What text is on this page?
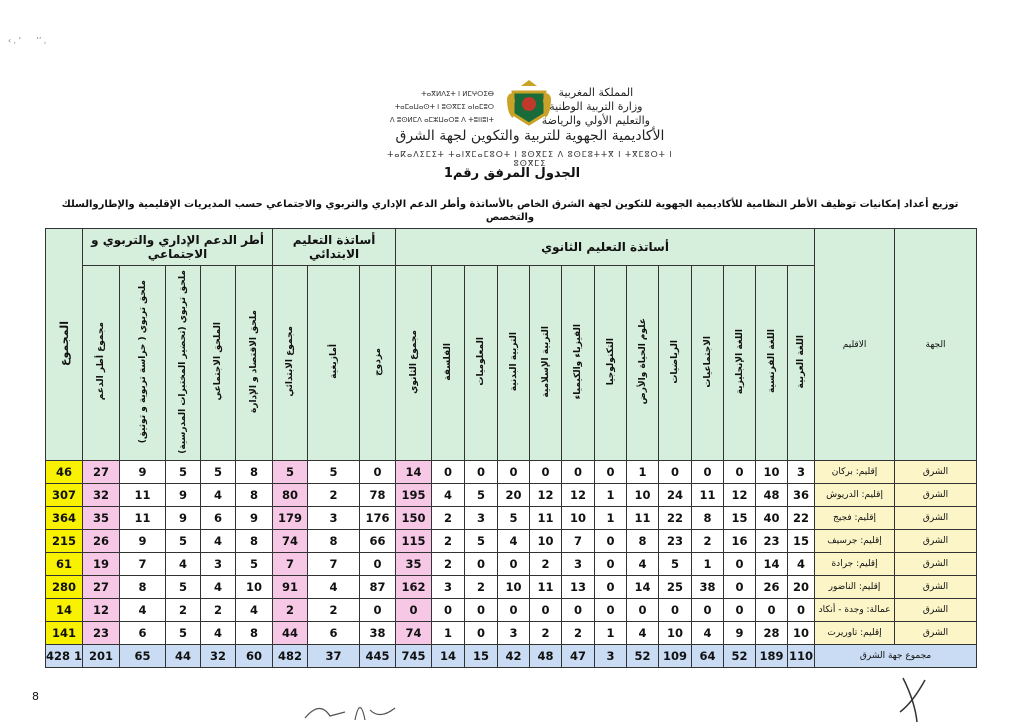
‹ ˌ ʼ      ʼʼ ˌ
ⵜⴰⴳⵍⴷⵉⵜ ⵏ ⵍⵎⵖⵔⵉⴱ
ⵜⴰⵎⴰⵡⴰⵙⵜ ⵏ ⵓⵙⴳⵎⵉ ⴰⵏⴰⵎⵓⵔ
ⴷ ⵓⵙⵍⵎⴷ ⴰⵎⵣⵡⴰⵔⵓ ⴷ ⵜⵓⵏⵏⵓⵏⵜ
المملكة المغربية
وزارة التربية الوطنية
والتعليم الأولي والرياضة
الأكاديمية الجهوية للتربية والتكوين لجهة الشرق
ⵜⴰⴽⴰⴷⵉⵎⵉⵜ ⵜⴰⵏⴳⵎⴰⵎⵓⵔⵜ ⵏ ⵓⵙⴳⵎⵉ ⴷ ⵓⵙⵎⵓⵜⵜⴳ ⵏ ⵜⴳⵎⵓⵔⵜ ⵏ ⵓⵙⴳⵎⵉ
الجدول المرفق رقم1
توزيع أعداد إمكانيات توظيف الأطر النظامية للأكاديمية الجهوية للتكوين لجهة الشرق الخاص بالأساتذة وأطر الدعم الإداري والتربوي والاجتماعي حسب المديريات الإقليمية والإطاروالسلك والتخصص
الجهة	الاقليم	أساتذة التعليم الثانوي													أساتذة التعليم الابتدائي			أطر الدعم الإداري والتربوي و الاجتماعي					المجموع
		اللغة العربية	اللغة الفرنسية	اللغة الإنجليزية	الاجتماعيات	الرياضيات	علوم الحياة والأرض	التكنولوجيا	الفيزياء والكيمياء	التربية الإسلامية	التربية البدنية	المعلوميات	الفلسفة	مجموع الثانوي	مزدوج	أمازيغية	مجموع الابتدائي	ملحق الاقتصاد و الإدارة	الملحق الاجتماعي	ملحق تربوي (تحضير المختبرات المدرسية)	ملحق تربوي ( حراسة تربوية و توثيق)	مجموع أطر الدعم	
الشرق	إقليم: بركان	3	10	0	0	0	1	0	0	0	0	0	0	14	0	5	5	8	5	5	9	27	46
الشرق	إقليم: الدريوش	36	48	12	11	24	10	1	12	12	20	5	4	195	78	2	80	8	4	9	11	32	307
الشرق	إقليم: فجيج	22	40	15	8	22	11	1	10	11	5	3	2	150	176	3	179	9	6	9	11	35	364
الشرق	إقليم: جرسيف	15	23	16	2	23	8	0	7	10	4	5	2	115	66	8	74	8	4	5	9	26	215
الشرق	إقليم: جرادة	4	14	0	1	5	4	0	3	2	0	0	2	35	0	7	7	5	3	4	7	19	61
الشرق	إقليم: الناضور	20	26	0	38	25	14	0	13	11	10	2	3	162	87	4	91	10	4	5	8	27	280
الشرق	عمالة: وجدة - أنكاد	0	0	0	0	0	0	0	0	0	0	0	0	0	0	2	2	4	2	2	4	12	14
الشرق	إقليم: تاوريرت	10	28	9	4	10	4	1	2	2	3	0	1	74	38	6	44	8	4	5	6	23	141
مجموع جهة الشرق		110	189	52	64	109	52	3	47	48	42	15	14	745	445	37	482	60	32	44	65	201	1 428
8
